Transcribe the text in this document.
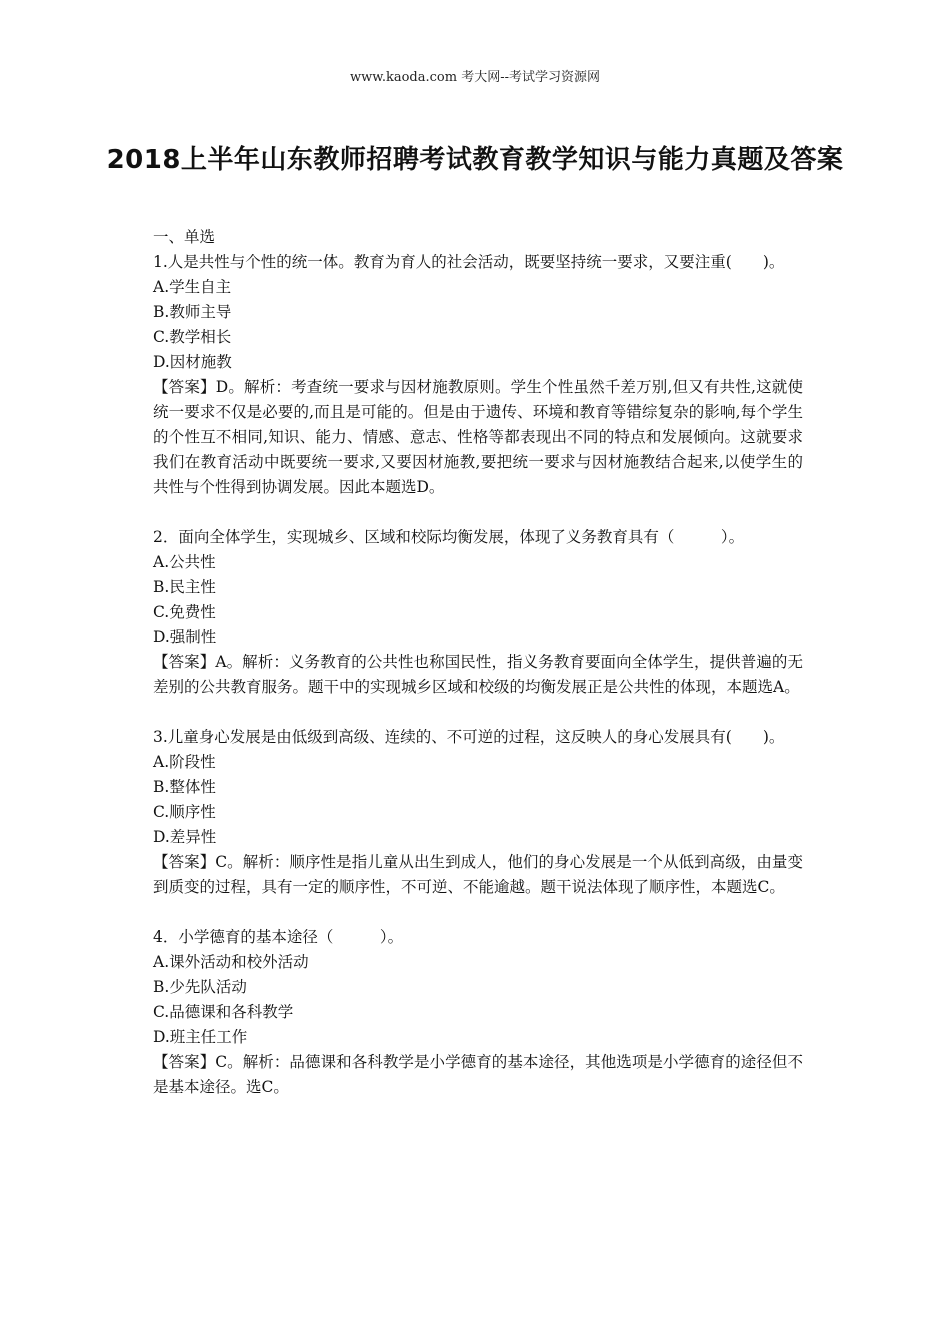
www.kaoda.com 考大网--考试学习资源网
2018上半年山东教师招聘考试教育教学知识与能力真题及答案
一、单选
1.人是共性与个性的统一体。教育为育人的社会活动，既要坚持统一要求，又要注重(　　)。
A.学生自主
B.教师主导
C.教学相长
D.因材施教
【答案】D。解析：考查统一要求与因材施教原则。学生个性虽然千差万别,但又有共性,这就使统一要求不仅是必要的,而且是可能的。但是由于遗传、环境和教育等错综复杂的影响,每个学生的个性互不相同,知识、能力、情感、意志、性格等都表现出不同的特点和发展倾向。这就要求我们在教育活动中既要统一要求,又要因材施教,要把统一要求与因材施教结合起来,以使学生的共性与个性得到协调发展。因此本题选D。
2．面向全体学生，实现城乡、区域和校际均衡发展，体现了义务教育具有（　　　）。
A.公共性
B.民主性
C.免费性
D.强制性
【答案】A。解析：义务教育的公共性也称国民性，指义务教育要面向全体学生，提供普遍的无差别的公共教育服务。题干中的实现城乡区域和校级的均衡发展正是公共性的体现，本题选A。
3.儿童身心发展是由低级到高级、连续的、不可逆的过程，这反映人的身心发展具有(　　)。
A.阶段性
B.整体性
C.顺序性
D.差异性
【答案】C。解析：顺序性是指儿童从出生到成人，他们的身心发展是一个从低到高级，由量变到质变的过程，具有一定的顺序性，不可逆、不能逾越。题干说法体现了顺序性，本题选C。
4．小学德育的基本途径（　　　）。
A.课外活动和校外活动
B.少先队活动
C.品德课和各科教学
D.班主任工作
【答案】C。解析：品德课和各科教学是小学德育的基本途径，其他选项是小学德育的途径但不是基本途径。选C。
